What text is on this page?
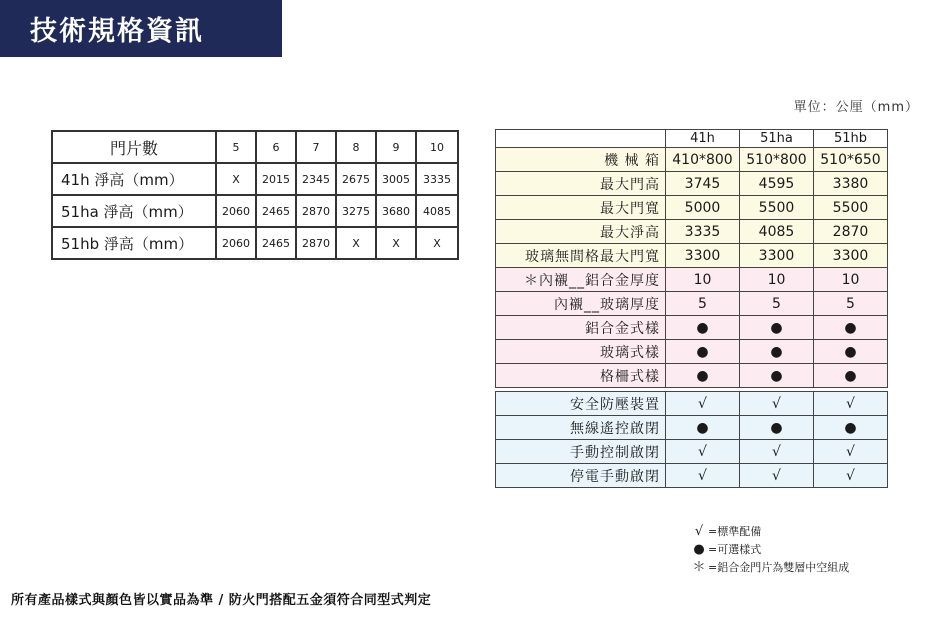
技術規格資訊
單位：公厘（mm）
門片數	5	6	7	8	9	10
41h 淨高（mm）	X	2015	2345	2675	3005	3335
51ha 淨高（mm）	2060	2465	2870	3275	3680	4085
51hb 淨高（mm）	2060	2465	2870	X	X	X
	41h	51ha	51hb
機 械 箱	410*800	510*800	510*650
最大門高	3745	4595	3380
最大門寬	5000	5500	5500
最大淨高	3335	4085	2870
玻璃無間格最大門寬	3300	3300	3300
＊內襯__鋁合金厚度	10	10	10
內襯__玻璃厚度	5	5	5
鋁合金式樣	●	●	●
玻璃式樣	●	●	●
格柵式樣	●	●	●

安全防壓裝置	√	√	√
無線遙控啟閉	●	●	●
手動控制啟閉	√	√	√
停電手動啟閉	√	√	√
√ =標準配備
● =可選樣式
＊ =鋁合金門片為雙層中空組成
所有產品樣式與顏色皆以實品為準 / 防火門搭配五金須符合同型式判定
